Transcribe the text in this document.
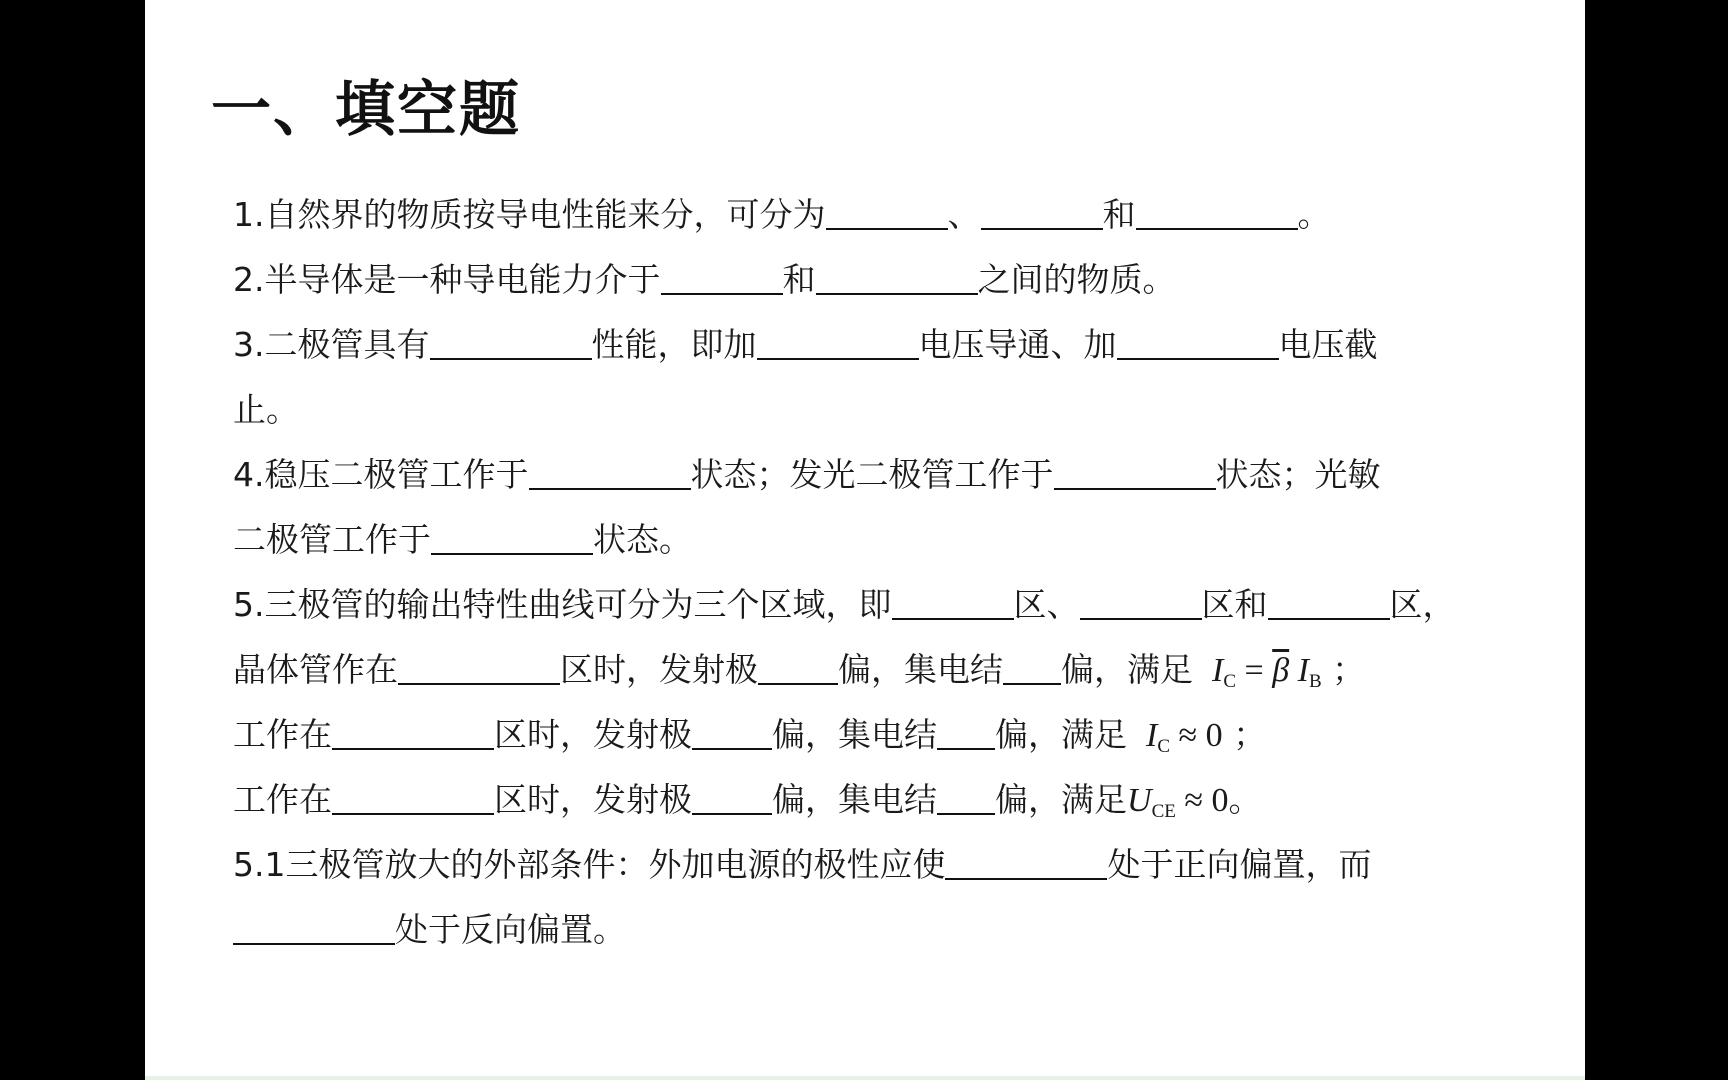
一、填空题
1.自然界的物质按导电性能来分，可分为	、	和	。
2.半导体是一种导电能力介于	和	之间的物质。
3.二极管具有	性能，即加	电压导通、加	电压截
止。
4.稳压二极管工作于	状态；发光二极管工作于	状态；光敏
二极管工作于	状态。
5.三极管的输出特性曲线可分为三个区域，即	区、	区和	区，
晶体管作在	区时，发射极 偏，集电结 偏，满足 $I_C = \overline{\beta}$ $I_B$ ；
工作在	区时，发射极 偏，集电结 偏，满足 $I_C \approx 0$ ；
工作在	区时，发射极 偏，集电结 偏，满足$U_{CE} \approx 0$。
5.1三极管放大的外部条件：外加电源的极性应使	处于正向偏置，而
处于反向偏置。
